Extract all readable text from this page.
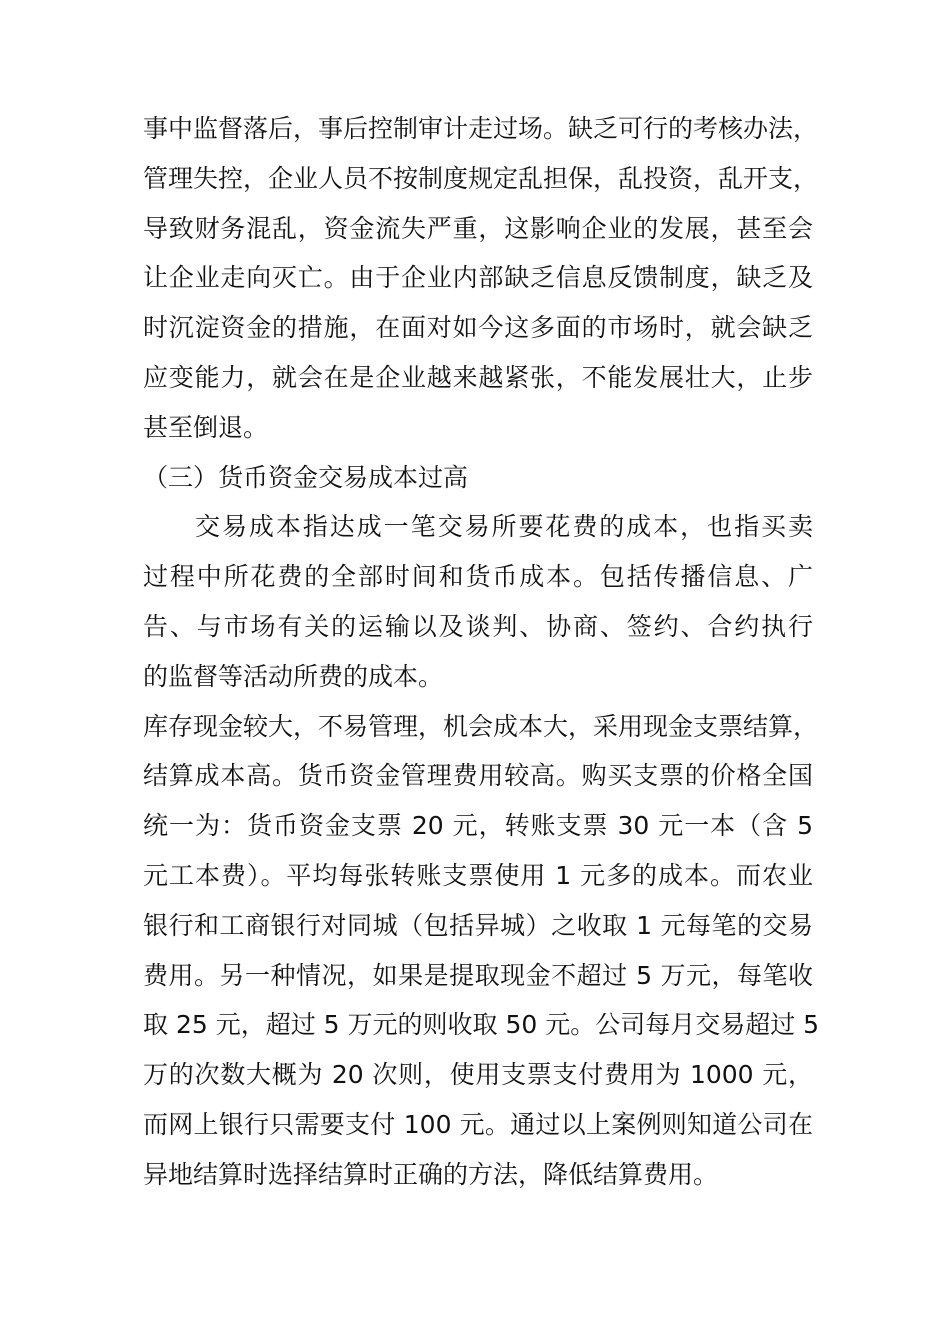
事中监督落后，事后控制审计走过场。缺乏可行的考核办法，
管理失控，企业人员不按制度规定乱担保，乱投资，乱开支，
导致财务混乱，资金流失严重，这影响企业的发展，甚至会
让企业走向灭亡。由于企业内部缺乏信息反馈制度，缺乏及
时沉淀资金的措施，在面对如今这多面的市场时，就会缺乏
应变能力，就会在是企业越来越紧张，不能发展壮大，止步
甚至倒退。
（三）货币资金交易成本过高
交易成本指达成一笔交易所要花费的成本，也指买卖
过程中所花费的全部时间和货币成本。包括传播信息、广
告、与市场有关的运输以及谈判、协商、签约、合约执行
的监督等活动所费的成本。
库存现金较大，不易管理，机会成本大，采用现金支票结算，
结算成本高。货币资金管理费用较高。购买支票的价格全国
统一为：货币资金支票 20 元，转账支票 30 元一本（含 5
元工本费）。平均每张转账支票使用 1 元多的成本。而农业
银行和工商银行对同城（包括异城）之收取 1 元每笔的交易
费用。另一种情况，如果是提取现金不超过 5 万元，每笔收
取 25 元，超过 5 万元的则收取 50 元。公司每月交易超过 5
万的次数大概为 20 次则，使用支票支付费用为 1000 元，
而网上银行只需要支付 100 元。通过以上案例则知道公司在
异地结算时选择结算时正确的方法，降低结算费用。
